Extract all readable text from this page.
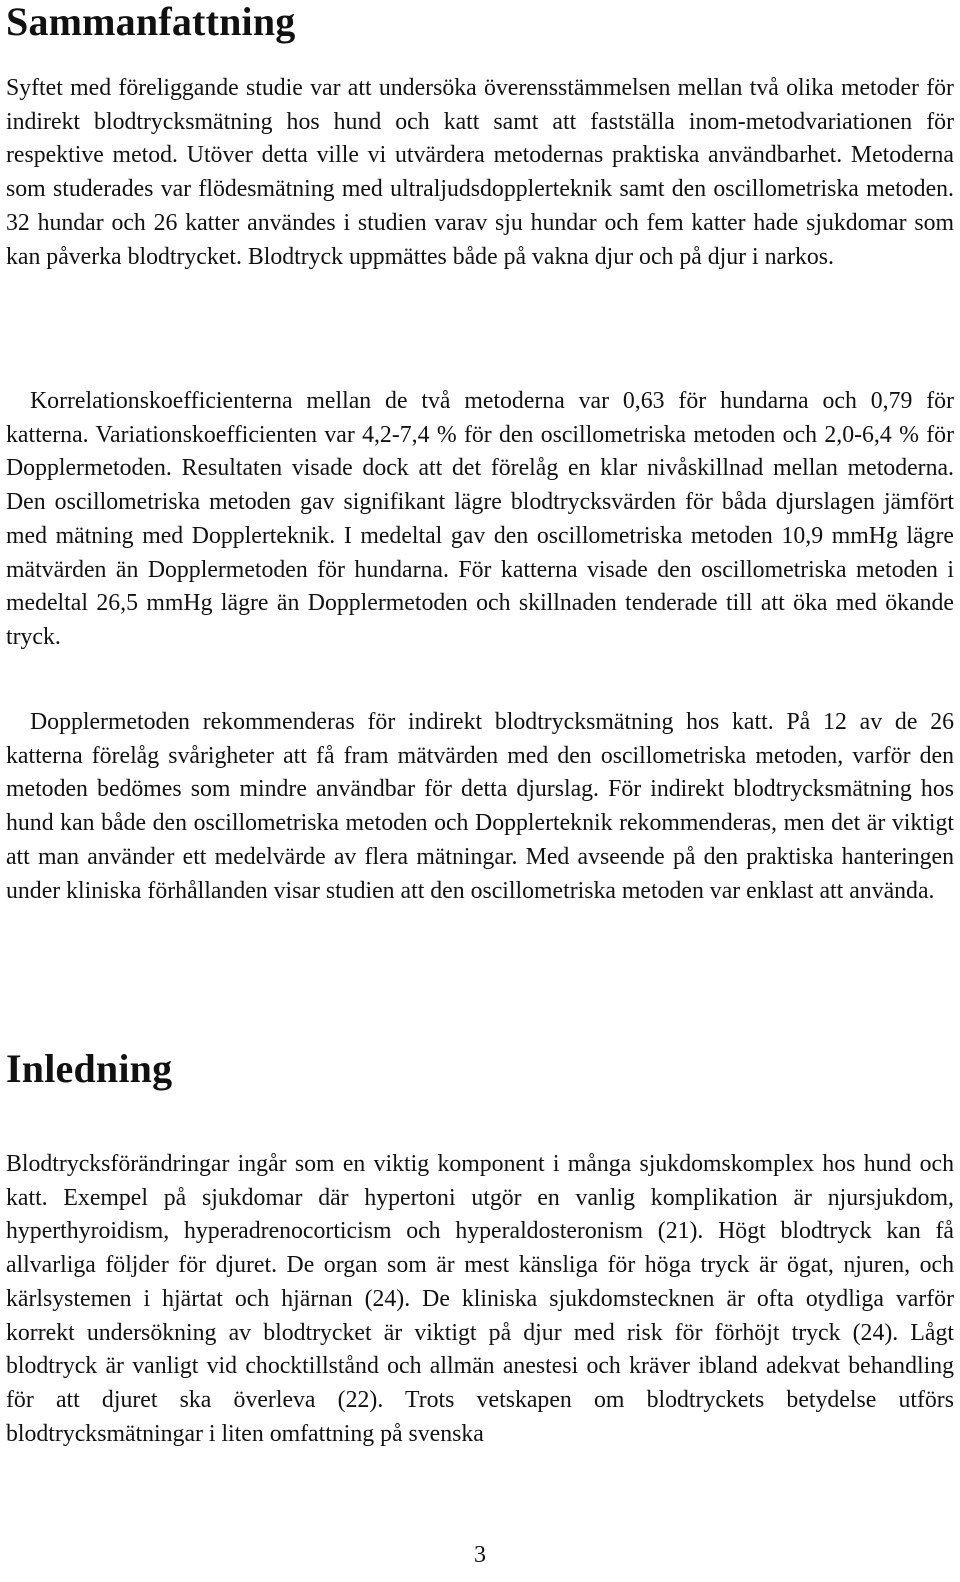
Sammanfattning

Syftet med föreliggande studie var att undersöka överensstämmelsen mellan två olika metoder för indirekt blodtrycksmätning hos hund och katt samt att fastställa inom-metodvariationen för respektive metod. Utöver detta ville vi utvärdera metodernas praktiska användbarhet. Metoderna som studerades var flödesmätning med ultraljudsdopplerteknik samt den oscillometriska metoden. 32 hundar och 26 katter användes i studien varav sju hundar och fem katter hade sjukdomar som kan påverka blodtrycket. Blodtryck uppmättes både på vakna djur och på djur i narkos.

Korrelationskoefficienterna mellan de två metoderna var 0,63 för hundarna och 0,79 för katterna. Variationskoefficienten var 4,2-7,4 % för den oscillometriska metoden och 2,0-6,4 % för Dopplermetoden. Resultaten visade dock att det förelåg en klar nivåskillnad mellan metoderna. Den oscillometriska metoden gav signifikant lägre blodtrycksvärden för båda djurslagen jämfört med mätning med Dopplerteknik. I medeltal gav den oscillometriska metoden 10,9 mmHg lägre mätvärden än Dopplermetoden för hundarna. För katterna visade den oscillometriska metoden i medeltal 26,5 mmHg lägre än Dopplermetoden och skillnaden tenderade till att öka med ökande tryck.

Dopplermetoden rekommenderas för indirekt blodtrycksmätning hos katt. På 12 av de 26 katterna förelåg svårigheter att få fram mätvärden med den oscillometriska metoden, varför den metoden bedömes som mindre användbar för detta djurslag. För indirekt blodtrycksmätning hos hund kan både den oscillometriska metoden och Dopplerteknik rekommenderas, men det är viktigt att man använder ett medelvärde av flera mätningar. Med avseende på den praktiska hanteringen under kliniska förhållanden visar studien att den oscillometriska metoden var enklast att använda.

Inledning

Blodtrycksförändringar ingår som en viktig komponent i många sjukdomskomplex hos hund och katt. Exempel på sjukdomar där hypertoni utgör en vanlig komplikation är njursjukdom, hyperthyroidism, hyperadrenocorticism och hyperaldosteronism (21). Högt blodtryck kan få allvarliga följder för djuret. De organ som är mest känsliga för höga tryck är ögat, njuren, och kärlsystemen i hjärtat och hjärnan (24). De kliniska sjukdomstecknen är ofta otydliga varför korrekt undersökning av blodtrycket är viktigt på djur med risk för förhöjt tryck (24). Lågt blodtryck är vanligt vid chocktillstånd och allmän anestesi och kräver ibland adekvat behandling för att djuret ska överleva (22). Trots vetskapen om blodtryckets betydelse utförs blodtrycksmätningar i liten omfattning på svenska

3
